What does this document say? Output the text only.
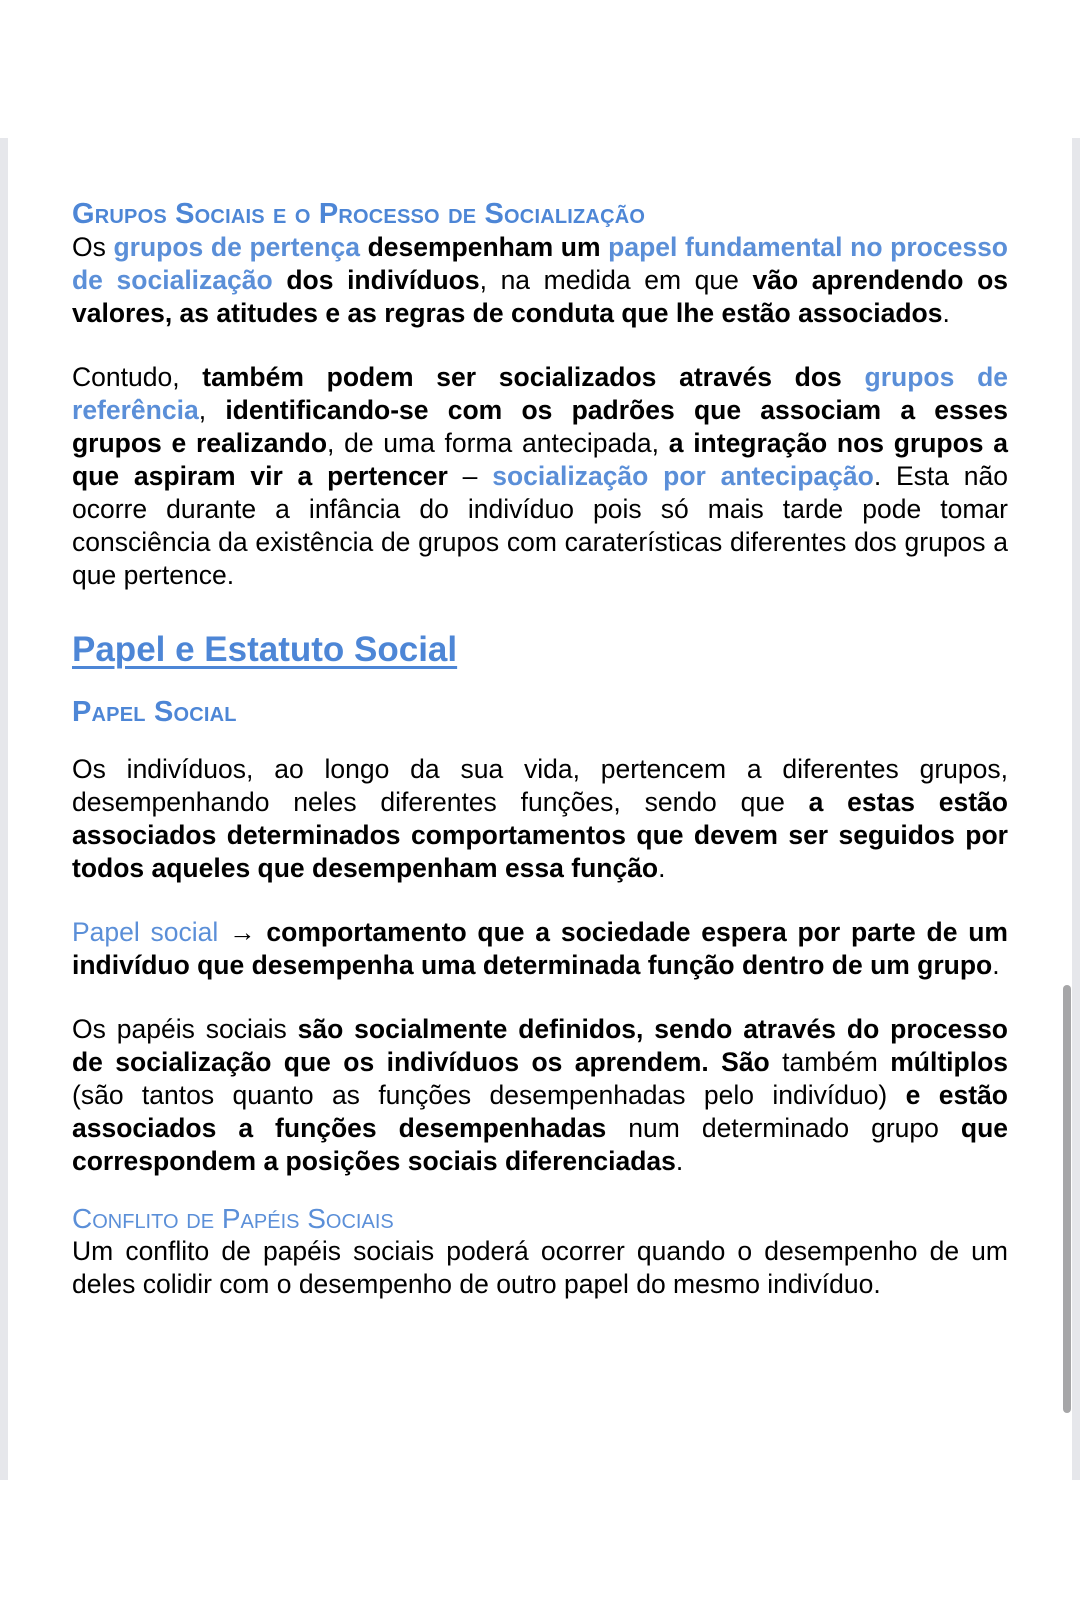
Grupos Sociais e o Processo de Socialização

Os grupos de pertença desempenham um papel fundamental no processo de socialização dos indivíduos, na medida em que vão aprendendo os valores, as atitudes e as regras de conduta que lhe estão associados.

Contudo, também podem ser socializados através dos grupos de referência, identificando-se com os padrões que associam a esses grupos e realizando, de uma forma antecipada, a integração nos grupos a que aspiram vir a pertencer – socialização por antecipação. Esta não ocorre durante a infância do indivíduo pois só mais tarde pode tomar consciência da existência de grupos com caraterísticas diferentes dos grupos a que pertence.

Papel e Estatuto Social
Papel Social

Os indivíduos, ao longo da sua vida, pertencem a diferentes grupos, desempenhando neles diferentes funções, sendo que a estas estão associados determinados comportamentos que devem ser seguidos por todos aqueles que desempenham essa função.

Papel social → comportamento que a sociedade espera por parte de um indivíduo que desempenha uma determinada função dentro de um grupo.

Os papéis sociais são socialmente definidos, sendo através do processo de socialização que os indivíduos os aprendem. São também múltiplos (são tantos quanto as funções desempenhadas pelo indivíduo) e estão associados a funções desempenhadas num determinado grupo que correspondem a posições sociais diferenciadas.

Conflito de Papéis Sociais

Um conflito de papéis sociais poderá ocorrer quando o desempenho de um deles colidir com o desempenho de outro papel do mesmo indivíduo.
